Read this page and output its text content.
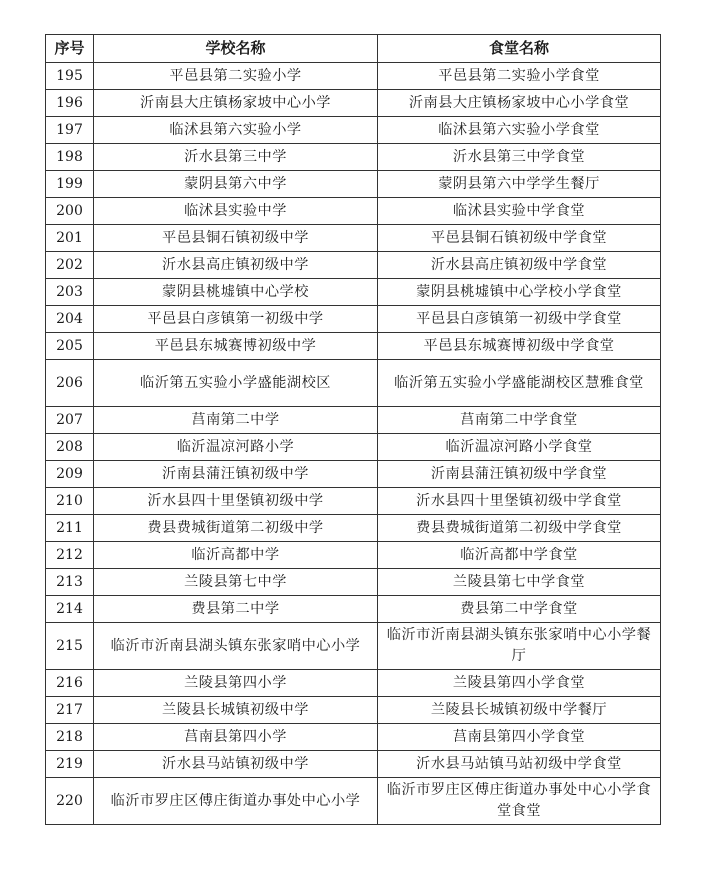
序号	学校名称	食堂名称
195	平邑县第二实验小学	平邑县第二实验小学食堂
196	沂南县大庄镇杨家坡中心小学	沂南县大庄镇杨家坡中心小学食堂
197	临沭县第六实验小学	临沭县第六实验小学食堂
198	沂水县第三中学	沂水县第三中学食堂
199	蒙阴县第六中学	蒙阴县第六中学学生餐厅
200	临沭县实验中学	临沭县实验中学食堂
201	平邑县铜石镇初级中学	平邑县铜石镇初级中学食堂
202	沂水县高庄镇初级中学	沂水县高庄镇初级中学食堂
203	蒙阴县桃墟镇中心学校	蒙阴县桃墟镇中心学校小学食堂
204	平邑县白彦镇第一初级中学	平邑县白彦镇第一初级中学食堂
205	平邑县东城赛博初级中学	平邑县东城赛博初级中学食堂
206	临沂第五实验小学盛能湖校区	临沂第五实验小学盛能湖校区慧雅食堂
207	莒南第二中学	莒南第二中学食堂
208	临沂温凉河路小学	临沂温凉河路小学食堂
209	沂南县蒲汪镇初级中学	沂南县蒲汪镇初级中学食堂
210	沂水县四十里堡镇初级中学	沂水县四十里堡镇初级中学食堂
211	费县费城街道第二初级中学	费县费城街道第二初级中学食堂
212	临沂高都中学	临沂高都中学食堂
213	兰陵县第七中学	兰陵县第七中学食堂
214	费县第二中学	费县第二中学食堂
215	临沂市沂南县湖头镇东张家哨中心小学	临沂市沂南县湖头镇东张家哨中心小学餐厅
216	兰陵县第四小学	兰陵县第四小学食堂
217	兰陵县长城镇初级中学	兰陵县长城镇初级中学餐厅
218	莒南县第四小学	莒南县第四小学食堂
219	沂水县马站镇初级中学	沂水县马站镇马站初级中学食堂
220	临沂市罗庄区傅庄街道办事处中心小学	临沂市罗庄区傅庄街道办事处中心小学食堂食堂
